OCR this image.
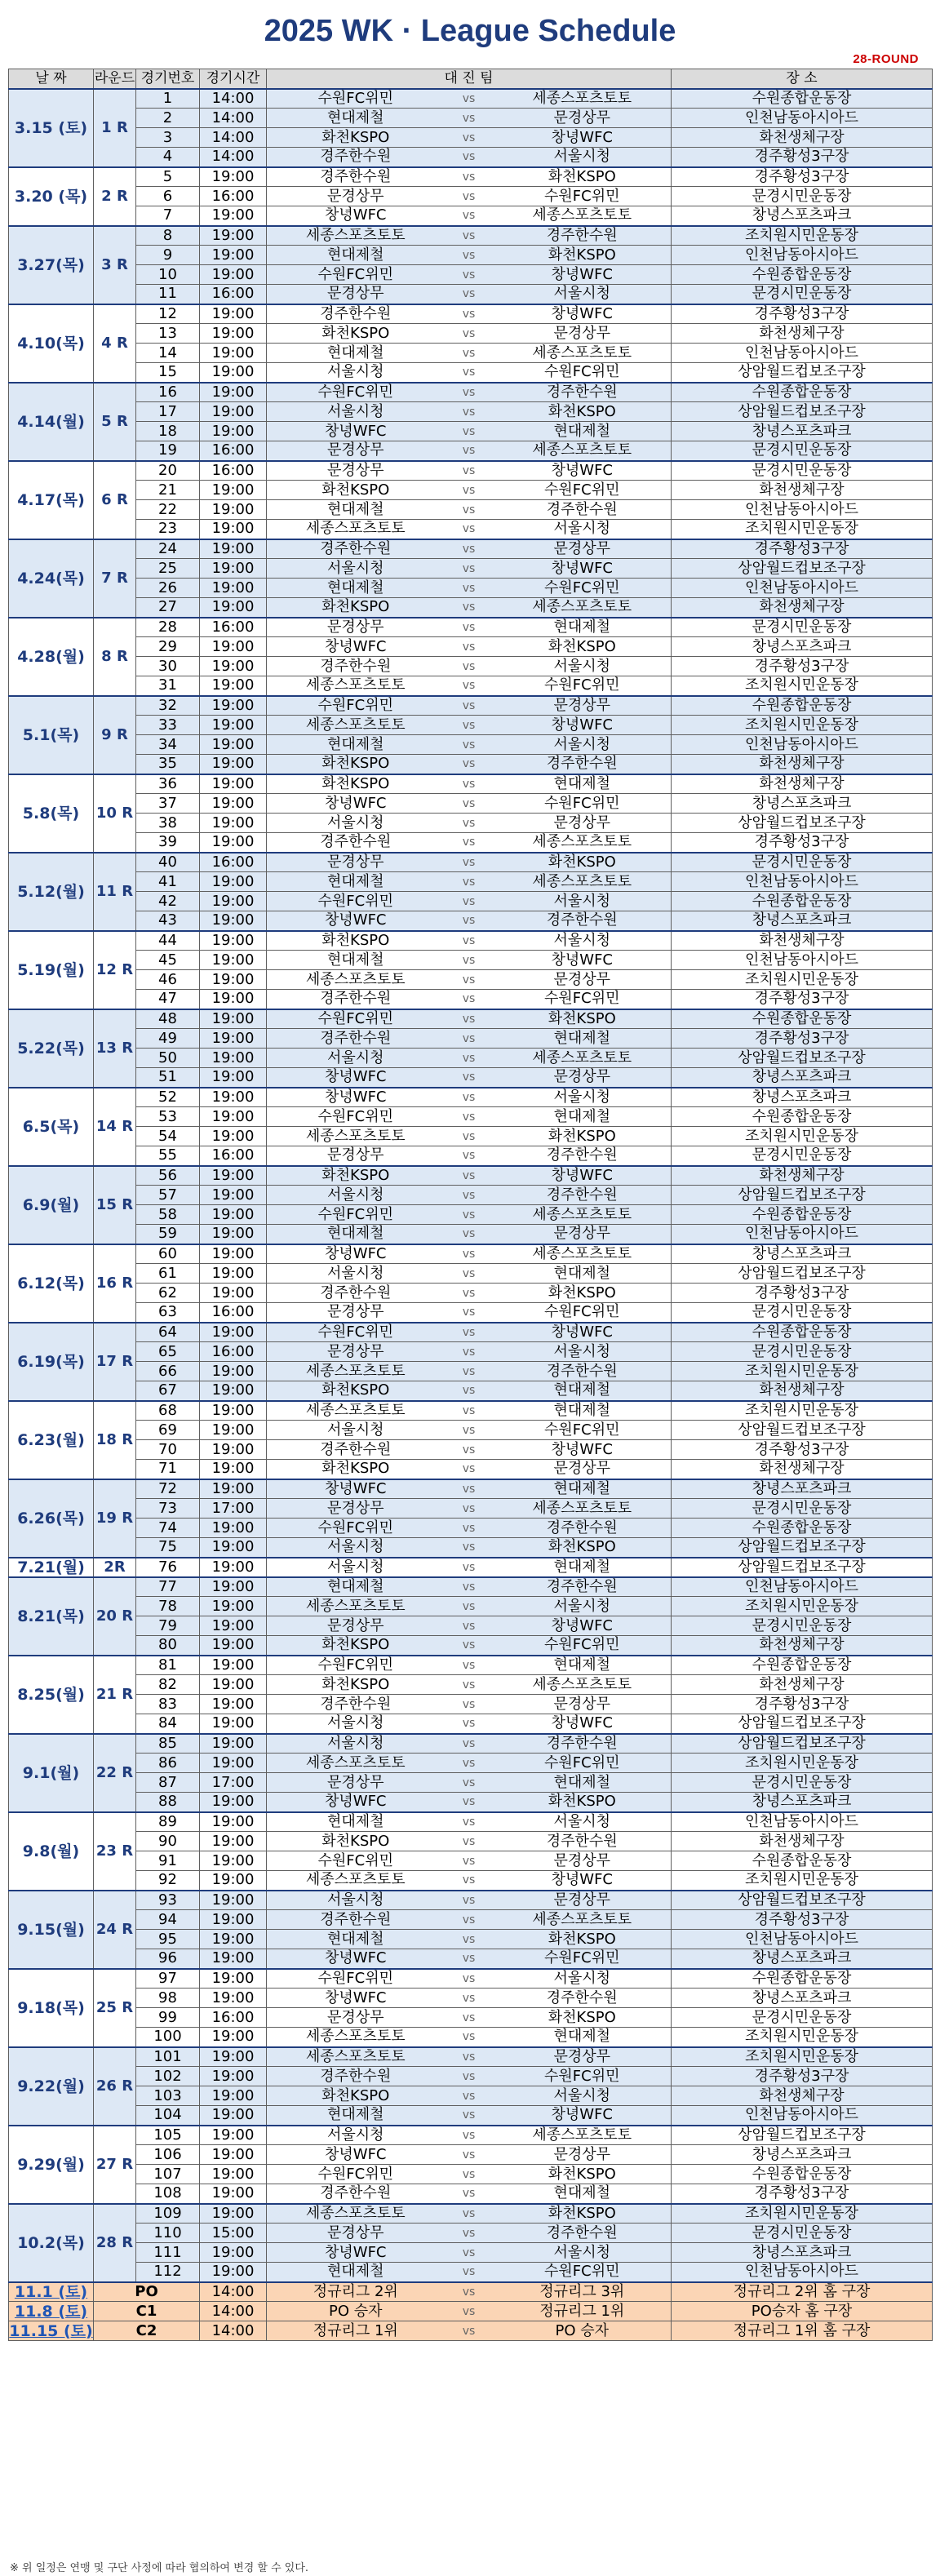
2025 WK · League Schedule
28-ROUND
날 짜	라운드	경기번호	경기시간	대 진 팀			장 소
3.15 (토)	1 R	1	14:00	수원FC위민	vs	세종스포츠토토	수원종합운동장
		2	14:00	현대제철	vs	문경상무	인천남동아시아드
		3	14:00	화천KSPO	vs	창녕WFC	화천생체구장
		4	14:00	경주한수원	vs	서울시청	경주황성3구장
3.20 (목)	2 R	5	19:00	경주한수원	vs	화천KSPO	경주황성3구장
		6	16:00	문경상무	vs	수원FC위민	문경시민운동장
		7	19:00	창녕WFC	vs	세종스포츠토토	창녕스포츠파크
3.27(목)	3 R	8	19:00	세종스포츠토토	vs	경주한수원	조치원시민운동장
		9	19:00	현대제철	vs	화천KSPO	인천남동아시아드
		10	19:00	수원FC위민	vs	창녕WFC	수원종합운동장
		11	16:00	문경상무	vs	서울시청	문경시민운동장
4.10(목)	4 R	12	19:00	경주한수원	vs	창녕WFC	경주황성3구장
		13	19:00	화천KSPO	vs	문경상무	화천생체구장
		14	19:00	현대제철	vs	세종스포츠토토	인천남동아시아드
		15	19:00	서울시청	vs	수원FC위민	상암월드컵보조구장
4.14(월)	5 R	16	19:00	수원FC위민	vs	경주한수원	수원종합운동장
		17	19:00	서울시청	vs	화천KSPO	상암월드컵보조구장
		18	19:00	창녕WFC	vs	현대제철	창녕스포츠파크
		19	16:00	문경상무	vs	세종스포츠토토	문경시민운동장
4.17(목)	6 R	20	16:00	문경상무	vs	창녕WFC	문경시민운동장
		21	19:00	화천KSPO	vs	수원FC위민	화천생체구장
		22	19:00	현대제철	vs	경주한수원	인천남동아시아드
		23	19:00	세종스포츠토토	vs	서울시청	조치원시민운동장
4.24(목)	7 R	24	19:00	경주한수원	vs	문경상무	경주황성3구장
		25	19:00	서울시청	vs	창녕WFC	상암월드컵보조구장
		26	19:00	현대제철	vs	수원FC위민	인천남동아시아드
		27	19:00	화천KSPO	vs	세종스포츠토토	화천생체구장
4.28(월)	8 R	28	16:00	문경상무	vs	현대제철	문경시민운동장
		29	19:00	창녕WFC	vs	화천KSPO	창녕스포츠파크
		30	19:00	경주한수원	vs	서울시청	경주황성3구장
		31	19:00	세종스포츠토토	vs	수원FC위민	조치원시민운동장
5.1(목)	9 R	32	19:00	수원FC위민	vs	문경상무	수원종합운동장
		33	19:00	세종스포츠토토	vs	창녕WFC	조치원시민운동장
		34	19:00	현대제철	vs	서울시청	인천남동아시아드
		35	19:00	화천KSPO	vs	경주한수원	화천생체구장
5.8(목)	10 R	36	19:00	화천KSPO	vs	현대제철	화천생체구장
		37	19:00	창녕WFC	vs	수원FC위민	창녕스포츠파크
		38	19:00	서울시청	vs	문경상무	상암월드컵보조구장
		39	19:00	경주한수원	vs	세종스포츠토토	경주황성3구장
5.12(월)	11 R	40	16:00	문경상무	vs	화천KSPO	문경시민운동장
		41	19:00	현대제철	vs	세종스포츠토토	인천남동아시아드
		42	19:00	수원FC위민	vs	서울시청	수원종합운동장
		43	19:00	창녕WFC	vs	경주한수원	창녕스포츠파크
5.19(월)	12 R	44	19:00	화천KSPO	vs	서울시청	화천생체구장
		45	19:00	현대제철	vs	창녕WFC	인천남동아시아드
		46	19:00	세종스포츠토토	vs	문경상무	조치원시민운동장
		47	19:00	경주한수원	vs	수원FC위민	경주황성3구장
5.22(목)	13 R	48	19:00	수원FC위민	vs	화천KSPO	수원종합운동장
		49	19:00	경주한수원	vs	현대제철	경주황성3구장
		50	19:00	서울시청	vs	세종스포츠토토	상암월드컵보조구장
		51	19:00	창녕WFC	vs	문경상무	창녕스포츠파크
6.5(목)	14 R	52	19:00	창녕WFC	vs	서울시청	창녕스포츠파크
		53	19:00	수원FC위민	vs	현대제철	수원종합운동장
		54	19:00	세종스포츠토토	vs	화천KSPO	조치원시민운동장
		55	16:00	문경상무	vs	경주한수원	문경시민운동장
6.9(월)	15 R	56	19:00	화천KSPO	vs	창녕WFC	화천생체구장
		57	19:00	서울시청	vs	경주한수원	상암월드컵보조구장
		58	19:00	수원FC위민	vs	세종스포츠토토	수원종합운동장
		59	19:00	현대제철	vs	문경상무	인천남동아시아드
6.12(목)	16 R	60	19:00	창녕WFC	vs	세종스포츠토토	창녕스포츠파크
		61	19:00	서울시청	vs	현대제철	상암월드컵보조구장
		62	19:00	경주한수원	vs	화천KSPO	경주황성3구장
		63	16:00	문경상무	vs	수원FC위민	문경시민운동장
6.19(목)	17 R	64	19:00	수원FC위민	vs	창녕WFC	수원종합운동장
		65	16:00	문경상무	vs	서울시청	문경시민운동장
		66	19:00	세종스포츠토토	vs	경주한수원	조치원시민운동장
		67	19:00	화천KSPO	vs	현대제철	화천생체구장
6.23(월)	18 R	68	19:00	세종스포츠토토	vs	현대제철	조치원시민운동장
		69	19:00	서울시청	vs	수원FC위민	상암월드컵보조구장
		70	19:00	경주한수원	vs	창녕WFC	경주황성3구장
		71	19:00	화천KSPO	vs	문경상무	화천생체구장
6.26(목)	19 R	72	19:00	창녕WFC	vs	현대제철	창녕스포츠파크
		73	17:00	문경상무	vs	세종스포츠토토	문경시민운동장
		74	19:00	수원FC위민	vs	경주한수원	수원종합운동장
		75	19:00	서울시청	vs	화천KSPO	상암월드컵보조구장
7.21(월)	2R	76	19:00	서울시청	vs	현대제철	상암월드컵보조구장
8.21(목)	20 R	77	19:00	현대제철	vs	경주한수원	인천남동아시아드
		78	19:00	세종스포츠토토	vs	서울시청	조치원시민운동장
		79	19:00	문경상무	vs	창녕WFC	문경시민운동장
		80	19:00	화천KSPO	vs	수원FC위민	화천생체구장
8.25(월)	21 R	81	19:00	수원FC위민	vs	현대제철	수원종합운동장
		82	19:00	화천KSPO	vs	세종스포츠토토	화천생체구장
		83	19:00	경주한수원	vs	문경상무	경주황성3구장
		84	19:00	서울시청	vs	창녕WFC	상암월드컵보조구장
9.1(월)	22 R	85	19:00	서울시청	vs	경주한수원	상암월드컵보조구장
		86	19:00	세종스포츠토토	vs	수원FC위민	조치원시민운동장
		87	17:00	문경상무	vs	현대제철	문경시민운동장
		88	19:00	창녕WFC	vs	화천KSPO	창녕스포츠파크
9.8(월)	23 R	89	19:00	현대제철	vs	서울시청	인천남동아시아드
		90	19:00	화천KSPO	vs	경주한수원	화천생체구장
		91	19:00	수원FC위민	vs	문경상무	수원종합운동장
		92	19:00	세종스포츠토토	vs	창녕WFC	조치원시민운동장
9.15(월)	24 R	93	19:00	서울시청	vs	문경상무	상암월드컵보조구장
		94	19:00	경주한수원	vs	세종스포츠토토	경주황성3구장
		95	19:00	현대제철	vs	화천KSPO	인천남동아시아드
		96	19:00	창녕WFC	vs	수원FC위민	창녕스포츠파크
9.18(목)	25 R	97	19:00	수원FC위민	vs	서울시청	수원종합운동장
		98	19:00	창녕WFC	vs	경주한수원	창녕스포츠파크
		99	16:00	문경상무	vs	화천KSPO	문경시민운동장
		100	19:00	세종스포츠토토	vs	현대제철	조치원시민운동장
9.22(월)	26 R	101	19:00	세종스포츠토토	vs	문경상무	조치원시민운동장
		102	19:00	경주한수원	vs	수원FC위민	경주황성3구장
		103	19:00	화천KSPO	vs	서울시청	화천생체구장
		104	19:00	현대제철	vs	창녕WFC	인천남동아시아드
9.29(월)	27 R	105	19:00	서울시청	vs	세종스포츠토토	상암월드컵보조구장
		106	19:00	창녕WFC	vs	문경상무	창녕스포츠파크
		107	19:00	수원FC위민	vs	화천KSPO	수원종합운동장
		108	19:00	경주한수원	vs	현대제철	경주황성3구장
10.2(목)	28 R	109	19:00	세종스포츠토토	vs	화천KSPO	조치원시민운동장
		110	15:00	문경상무	vs	경주한수원	문경시민운동장
		111	19:00	창녕WFC	vs	서울시청	창녕스포츠파크
		112	19:00	현대제철	vs	수원FC위민	인천남동아시아드
11.1 (토)	PO		14:00	정규리그 2위	vs	정규리그 3위	정규리그 2위 홈 구장
11.8 (토)	C1		14:00	PO 승자	vs	정규리그 1위	PO승자 홈 구장
11.15 (토)	C2		14:00	정규리그 1위	vs	PO 승자	정규리그 1위 홈 구장
※ 위 일정은 연맹 및 구단 사정에 따라 협의하여 변경 할 수 있다.
